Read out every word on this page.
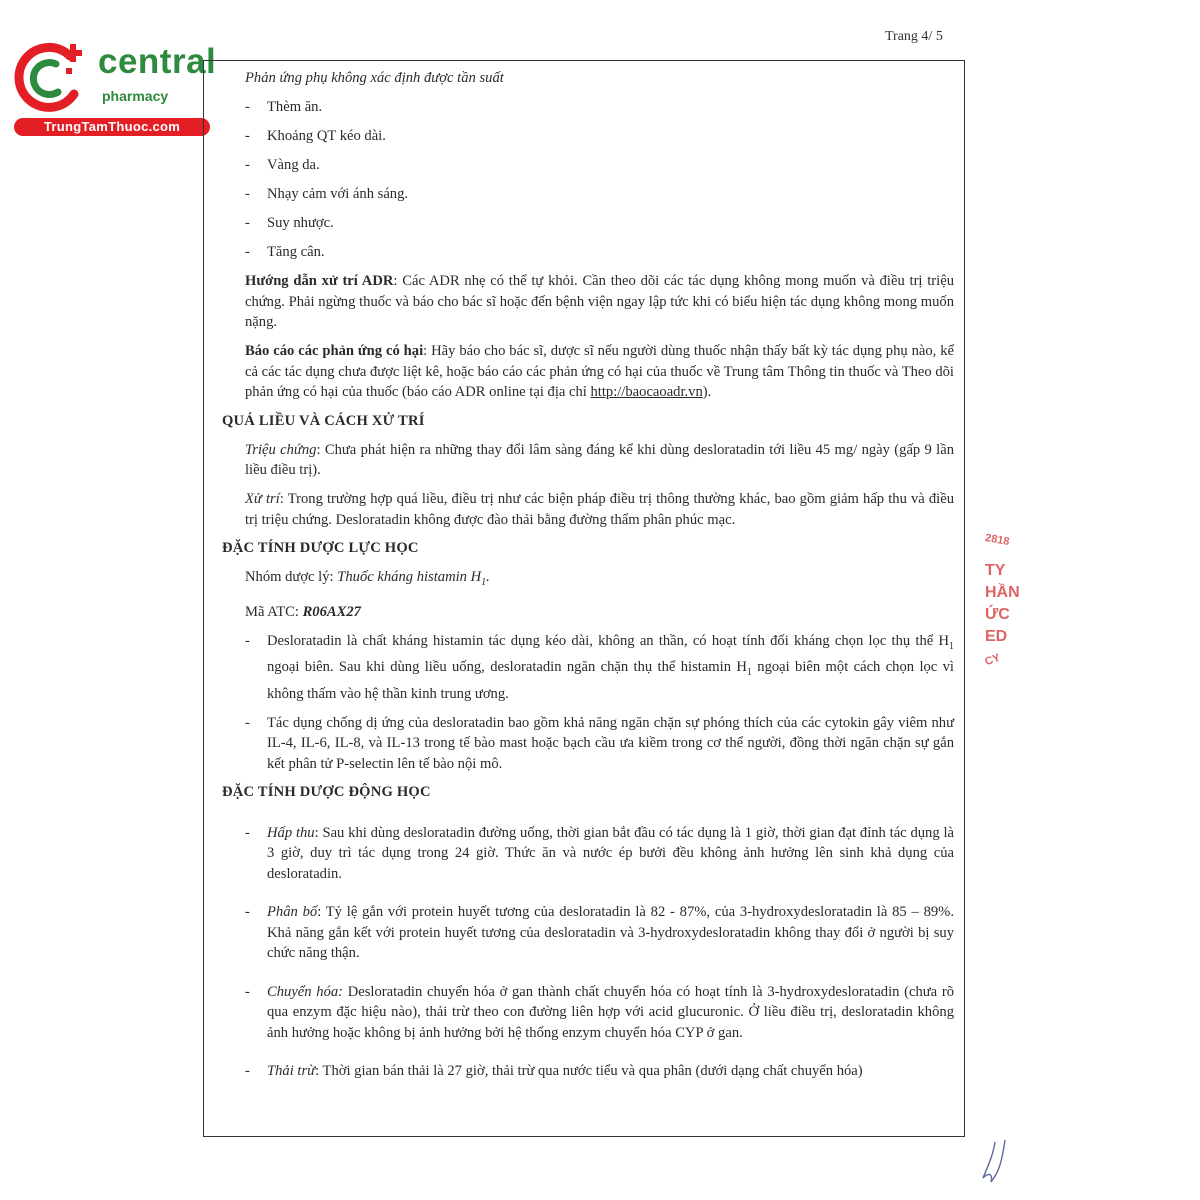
central
pharmacy
TrungTamThuoc.com
Trang 4/ 5

Phản ứng phụ không xác định được tần suất

- Thèm ăn.

- Khoảng QT kéo dài.

- Vàng da.

- Nhạy cảm với ánh sáng.

- Suy nhược.

- Tăng cân.

Hướng dẫn xử trí ADR: Các ADR nhẹ có thể tự khỏi. Cần theo dõi các tác dụng không mong muốn và điều trị triệu chứng. Phải ngừng thuốc và báo cho bác sĩ hoặc đến bệnh viện ngay lập tức khi có biểu hiện tác dụng không mong muốn nặng.

Báo cáo các phản ứng có hại: Hãy báo cho bác sĩ, dược sĩ nếu người dùng thuốc nhận thấy bất kỳ tác dụng phụ nào, kể cả các tác dụng chưa được liệt kê, hoặc báo cáo các phản ứng có hại của thuốc về Trung tâm Thông tin thuốc và Theo dõi phản ứng có hại của thuốc (báo cáo ADR online tại địa chỉ http://baocaoadr.vn).

QUÁ LIỀU VÀ CÁCH XỬ TRÍ

Triệu chứng: Chưa phát hiện ra những thay đổi lâm sàng đáng kể khi dùng desloratadin tới liều 45 mg/ ngày (gấp 9 lần liều điều trị).

Xử trí: Trong trường hợp quá liều, điều trị như các biện pháp điều trị thông thường khác, bao gồm giảm hấp thu và điều trị triệu chứng. Desloratadin không được đào thải bằng đường thẩm phân phúc mạc.

ĐẶC TÍNH DƯỢC LỰC HỌC

Nhóm dược lý: Thuốc kháng histamin $H_1$.

Mã ATC: R06AX27

- Desloratadin là chất kháng histamin tác dụng kéo dài, không an thần, có hoạt tính đối kháng chọn lọc thụ thể $H_1$ ngoại biên. Sau khi dùng liều uống, desloratadin ngăn chặn thụ thể histamin $H_1$ ngoại biên một cách chọn lọc vì không thấm vào hệ thần kinh trung ương.

- Tác dụng chống dị ứng của desloratadin bao gồm khả năng ngăn chặn sự phóng thích của các cytokin gây viêm như IL-4, IL-6, IL-8, và IL-13 trong tế bào mast hoặc bạch cầu ưa kiềm trong cơ thể người, đồng thời ngăn chặn sự gắn kết phân tử P-selectin lên tế bào nội mô.

ĐẶC TÍNH DƯỢC ĐỘNG HỌC

- Hấp thu: Sau khi dùng desloratadin đường uống, thời gian bắt đầu có tác dụng là 1 giờ, thời gian đạt đỉnh tác dụng là 3 giờ, duy trì tác dụng trong 24 giờ. Thức ăn và nước ép bưởi đều không ảnh hưởng lên sinh khả dụng của desloratadin.

- Phân bố: Tỷ lệ gắn với protein huyết tương của desloratadin là 82 - 87%, của 3-hydroxydesloratadin là 85 – 89%. Khả năng gắn kết với protein huyết tương của desloratadin và 3-hydroxydesloratadin không thay đổi ở người bị suy chức năng thận.

- Chuyển hóa: Desloratadin chuyển hóa ở gan thành chất chuyển hóa có hoạt tính là 3-hydroxydesloratadin (chưa rõ qua enzym đặc hiệu nào), thải trừ theo con đường liên hợp với acid glucuronic. Ở liều điều trị, desloratadin không ảnh hưởng hoặc không bị ảnh hưởng bởi hệ thống enzym chuyển hóa CYP ở gan.

- Thải trừ: Thời gian bán thải là 27 giờ, thải trừ qua nước tiểu và qua phân (dưới dạng chất chuyển hóa)

2818
TY
HẦN
ỨC
ED
CY
